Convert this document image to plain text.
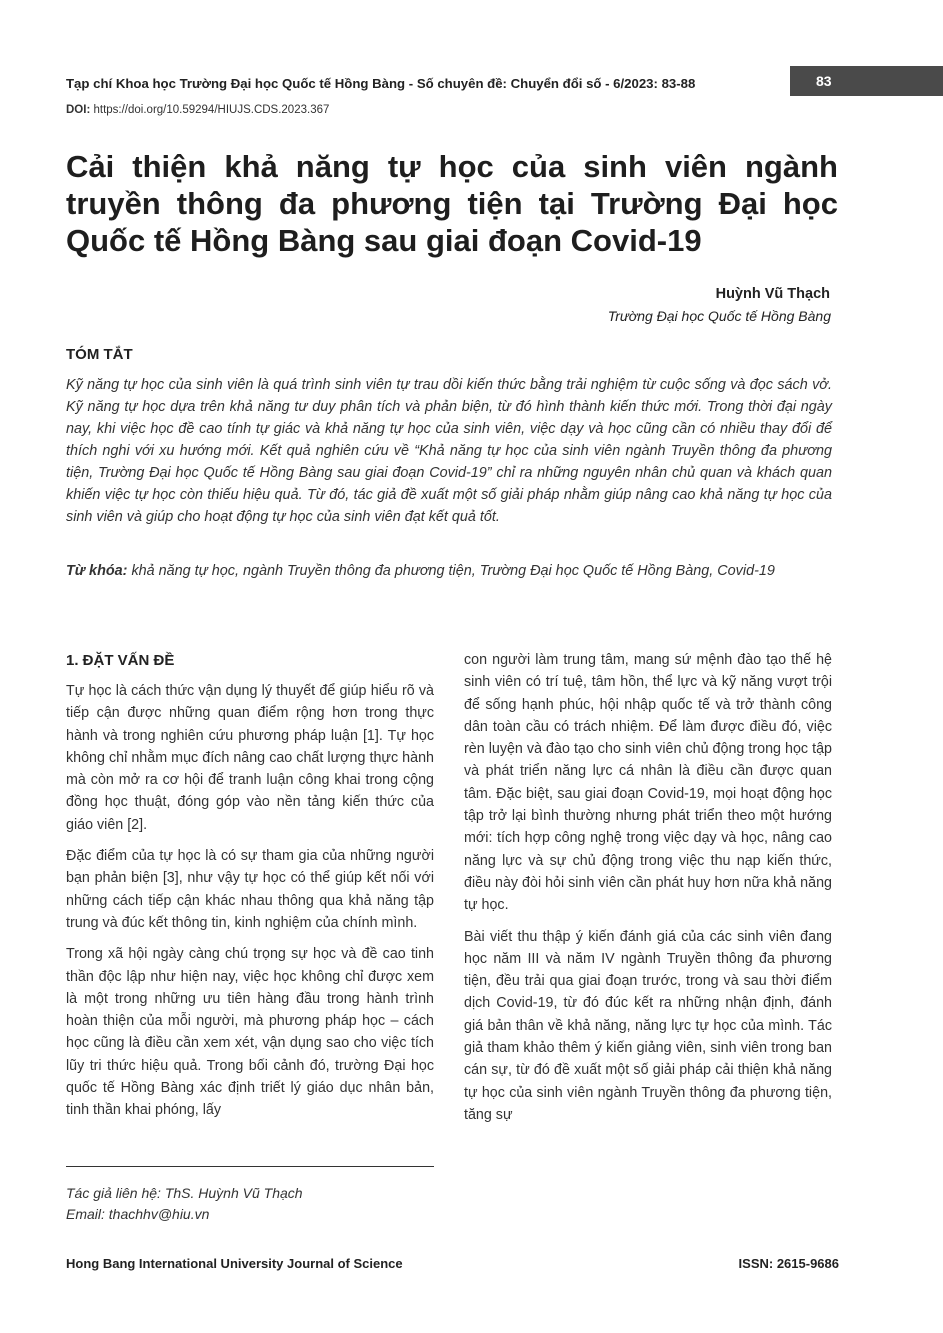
Tạp chí Khoa học Trường Đại học Quốc tế Hồng Bàng - Số chuyên đề: Chuyển đổi số - 6/2023: 83-88	83
DOI: https://doi.org/10.59294/HIUJS.CDS.2023.367
Cải thiện khả năng tự học của sinh viên ngành truyền thông đa phương tiện tại Trường Đại học Quốc tế Hồng Bàng sau giai đoạn Covid-19
Huỳnh Vũ Thạch
Trường Đại học Quốc tế Hồng Bàng
TÓM TẮT

Kỹ năng tự học của sinh viên là quá trình sinh viên tự trau dồi kiến thức bằng trải nghiệm từ cuộc sống và đọc sách vở. Kỹ năng tự học dựa trên khả năng tư duy phân tích và phản biện, từ đó hình thành kiến thức mới. Trong thời đại ngày nay, khi việc học đề cao tính tự giác và khả năng tự học của sinh viên, việc dạy và học cũng cần có nhiều thay đổi để thích nghi với xu hướng mới. Kết quả nghiên cứu về “Khả năng tự học của sinh viên ngành Truyền thông đa phương tiện, Trường Đại học Quốc tế Hồng Bàng sau giai đoạn Covid-19” chỉ ra những nguyên nhân chủ quan và khách quan khiến việc tự học còn thiếu hiệu quả. Từ đó, tác giả đề xuất một số giải pháp nhằm giúp nâng cao khả năng tự học của sinh viên và giúp cho hoạt động tự học của sinh viên đạt kết quả tốt.

Từ khóa: khả năng tự học, ngành Truyền thông đa phương tiện, Trường Đại học Quốc tế Hồng Bàng, Covid-19

1. ĐẶT VẤN ĐỀ

Tự học là cách thức vận dụng lý thuyết để giúp hiểu rõ và tiếp cận được những quan điểm rộng hơn trong thực hành và trong nghiên cứu phương pháp luận [1]. Tự học không chỉ nhằm mục đích nâng cao chất lượng thực hành mà còn mở ra cơ hội để tranh luận công khai trong cộng đồng học thuật, đóng góp vào nền tảng kiến thức của giáo viên [2].

Đặc điểm của tự học là có sự tham gia của những người bạn phản biện [3], như vậy tự học có thể giúp kết nối với những cách tiếp cận khác nhau thông qua khả năng tập trung và đúc kết thông tin, kinh nghiệm của chính mình.

Trong xã hội ngày càng chú trọng sự học và đề cao tinh thần độc lập như hiện nay, việc học không chỉ được xem là một trong những ưu tiên hàng đầu trong hành trình hoàn thiện của mỗi người, mà phương pháp học – cách học cũng là điều cần xem xét, vận dụng sao cho việc tích lũy tri thức hiệu quả. Trong bối cảnh đó, trường Đại học quốc tế Hồng Bàng xác định triết lý giáo dục nhân bản, tinh thần khai phóng, lấy

con người làm trung tâm, mang sứ mệnh đào tạo thế hệ sinh viên có trí tuệ, tâm hồn, thể lực và kỹ năng vượt trội để sống hạnh phúc, hội nhập quốc tế và trở thành công dân toàn cầu có trách nhiệm. Để làm được điều đó, việc rèn luyện và đào tạo cho sinh viên chủ động trong học tập và phát triển năng lực cá nhân là điều cần được quan tâm. Đặc biệt, sau giai đoạn Covid-19, mọi hoạt động học tập trở lại bình thường nhưng phát triển theo một hướng mới: tích hợp công nghệ trong việc dạy và học, nâng cao năng lực và sự chủ động trong việc thu nạp kiến thức, điều này đòi hỏi sinh viên cần phát huy hơn nữa khả năng tự học.

Bài viết thu thập ý kiến đánh giá của các sinh viên đang học năm III và năm IV ngành Truyền thông đa phương tiện, đều trải qua giai đoạn trước, trong và sau thời điểm dịch Covid-19, từ đó đúc kết ra những nhận định, đánh giá bản thân về khả năng, năng lực tự học của mình. Tác giả tham khảo thêm ý kiến giảng viên, sinh viên trong ban cán sự, từ đó đề xuất một số giải pháp cải thiện khả năng tự học của sinh viên ngành Truyền thông đa phương tiện, tăng sự

Tác giả liên hệ: ThS. Huỳnh Vũ Thạch
Email: thachhv@hiu.vn
Hong Bang International University Journal of Science	ISSN: 2615-9686
